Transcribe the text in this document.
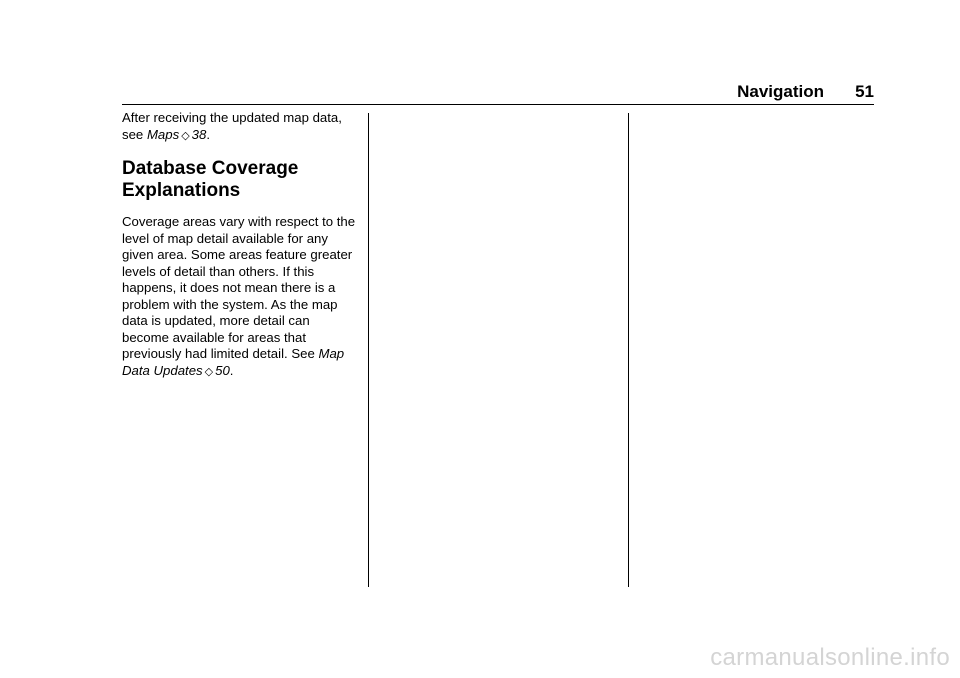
Navigation 51

After receiving the updated map data, see Maps ◇ 38.

Database Coverage Explanations

Coverage areas vary with respect to the level of map detail available for any given area. Some areas feature greater levels of detail than others. If this happens, it does not mean there is a problem with the system. As the map data is updated, more detail can become available for areas that previously had limited detail. See Map Data Updates ◇ 50.

carmanualsonline.info
